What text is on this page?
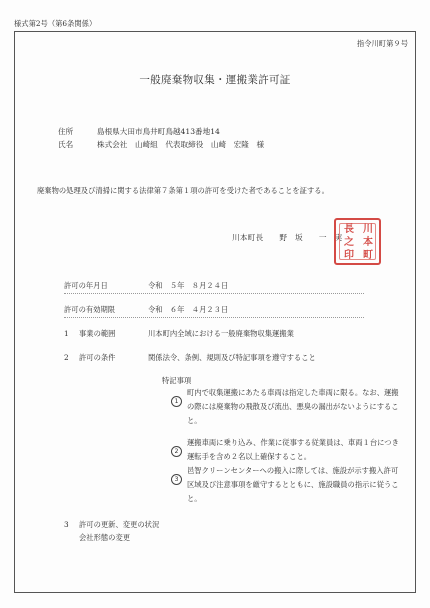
様式第2号（第6条関係）
指令川町第９号
一般廃棄物収集・運搬業許可証
住所	島根県大田市鳥井町鳥越413番地14
氏名	株式会社　山崎組　代表取締役　山崎　宏隆　様
廃棄物の処理及び清掃に関する法律第７条第１項の許可を受けた者であることを証する。
川本町長　　野　坂　　一　実
川
本
町
長
之
印
許可の年月日	令和　５年　８月２４日
許可の有効期限	令和　６年　４月２３日
1 事業の範囲	川本町内全域における一般廃棄物収集運搬業
2 許可の条件	関係法令、条例、規則及び特記事項を遵守すること
特記事項
1
町内で収集運搬にあたる車両は指定した車両に限る。なお、運搬
の際には廃棄物の飛散及び流出、悪臭の漏出がないようにするこ
と。
2
運搬車両に乗り込み、作業に従事する従業員は、車両１台につき
運転手を含め２名以上確保すること。
3
邑智クリーンセンターへの搬入に際しては、施設が示す搬入許可
区域及び注意事項を厳守するとともに、施設職員の指示に従うこ
と。
3 許可の更新、変更の状況
会社形態の変更
